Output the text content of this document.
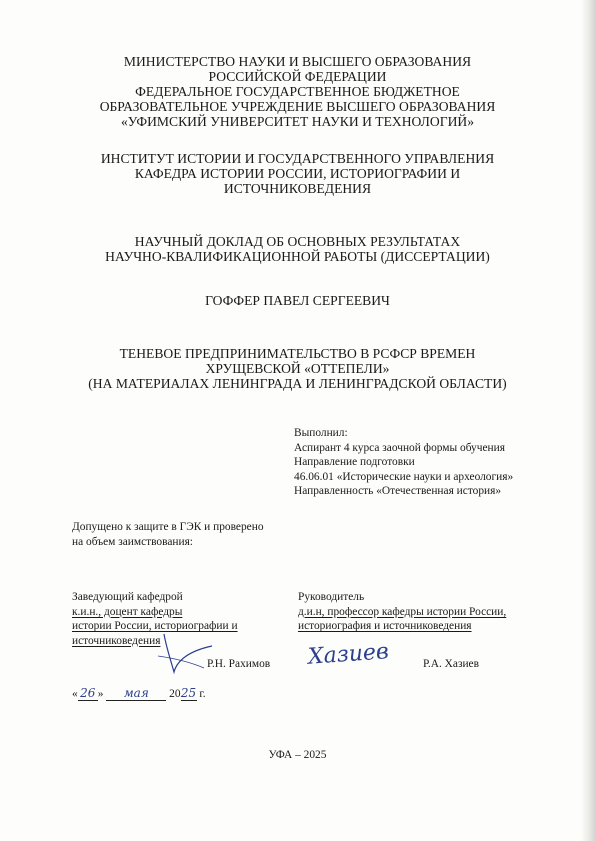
МИНИСТЕРСТВО НАУКИ И ВЫСШЕГО ОБРАЗОВАНИЯ
РОССИЙСКОЙ ФЕДЕРАЦИИ
ФЕДЕРАЛЬНОЕ ГОСУДАРСТВЕННОЕ БЮДЖЕТНОЕ
ОБРАЗОВАТЕЛЬНОЕ УЧРЕЖДЕНИЕ ВЫСШЕГО ОБРАЗОВАНИЯ
«УФИМСКИЙ УНИВЕРСИТЕТ НАУКИ И ТЕХНОЛОГИЙ»
ИНСТИТУТ ИСТОРИИ И ГОСУДАРСТВЕННОГО УПРАВЛЕНИЯ
КАФЕДРА ИСТОРИИ РОССИИ, ИСТОРИОГРАФИИ И
ИСТОЧНИКОВЕДЕНИЯ
НАУЧНЫЙ ДОКЛАД ОБ ОСНОВНЫХ РЕЗУЛЬТАТАХ
НАУЧНО-КВАЛИФИКАЦИОННОЙ РАБОТЫ (ДИССЕРТАЦИИ)
ГОФФЕР ПАВЕЛ СЕРГЕЕВИЧ
ТЕНЕВОЕ ПРЕДПРИНИМАТЕЛЬСТВО В РСФСР ВРЕМЕН
ХРУЩЕВСКОЙ «ОТТЕПЕЛИ»
(НА МАТЕРИАЛАХ ЛЕНИНГРАДА И ЛЕНИНГРАДСКОЙ ОБЛАСТИ)
Выполнил:
Аспирант 4 курса заочной формы обучения
Направление подготовки
46.06.01 «Исторические науки и археология»
Направленность «Отечественная история»
Допущено к защите в ГЭК и проверено
на объем заимствования:
Заведующий кафедрой
к.и.н., доцент кафедры
истории России, историографии и
источниковедения
Р.Н. Рахимов
Руководитель
д.и.н, профессор кафедры истории России,
историография и источниковедения
Хазиев	Р.А. Хазиев
« 26 » мая 2025 г.
УФА – 2025
